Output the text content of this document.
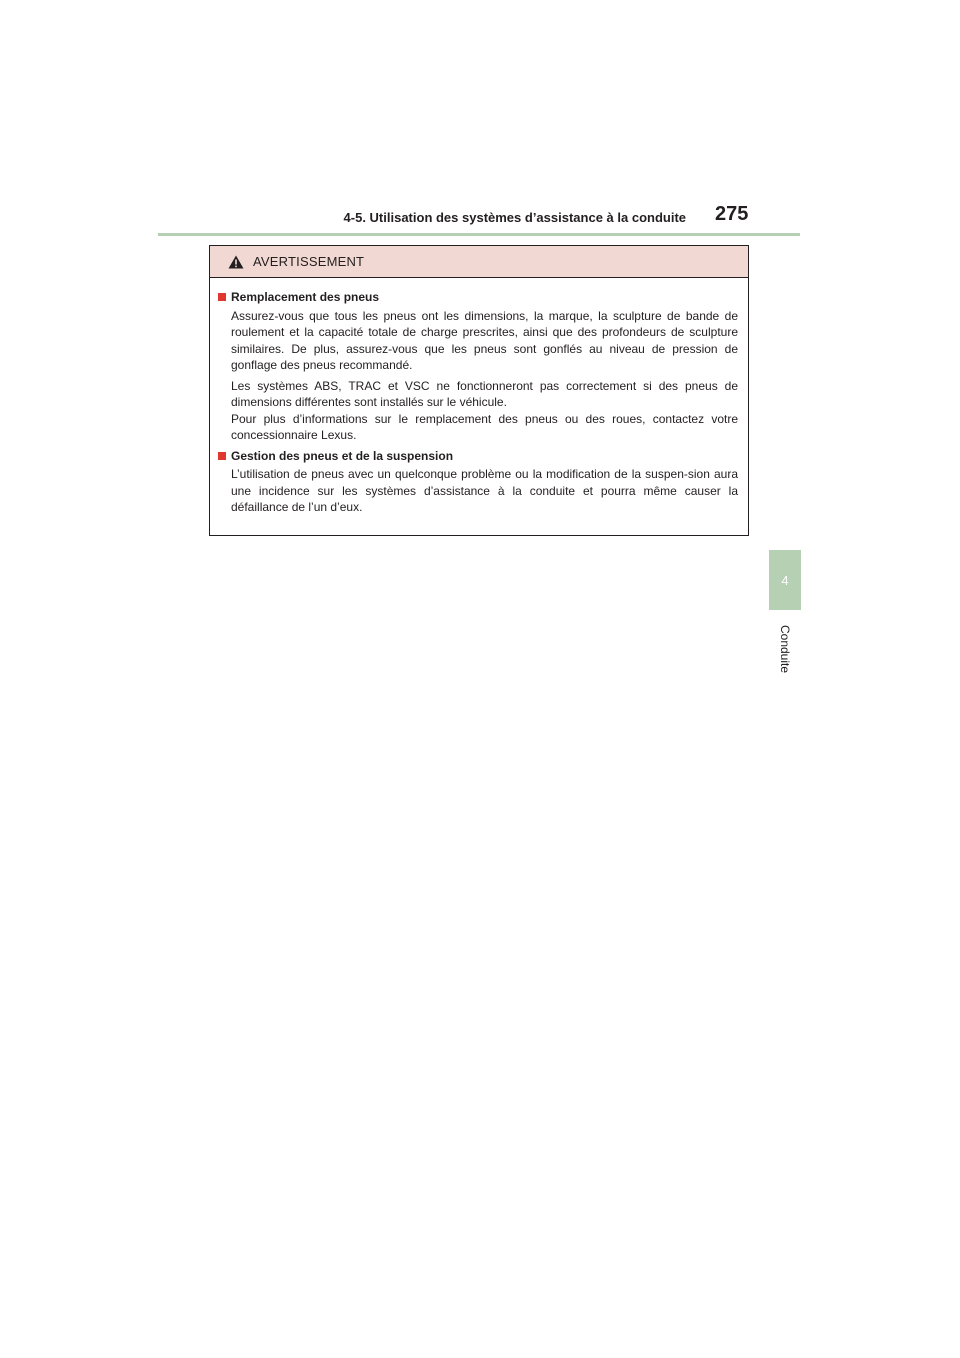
4-5. Utilisation des systèmes d’assistance à la conduite 275
4
Conduite
AVERTISSEMENT
Remplacement des pneus

Assurez-vous que tous les pneus ont les dimensions, la marque, la sculpture de bande de roulement et la capacité totale de charge prescrites, ainsi que des profondeurs de sculpture similaires. De plus, assurez-vous que les pneus sont gonflés au niveau de pression de gonflage des pneus recommandé.

Les systèmes ABS, TRAC et VSC ne fonctionneront pas correctement si des pneus de dimensions différentes sont installés sur le véhicule.

Pour plus d’informations sur le remplacement des pneus ou des roues, contactez votre concessionnaire Lexus.

Gestion des pneus et de la suspension

L’utilisation de pneus avec un quelconque problème ou la modification de la suspen-sion aura une incidence sur les systèmes d’assistance à la conduite et pourra même causer la défaillance de l’un d’eux.
